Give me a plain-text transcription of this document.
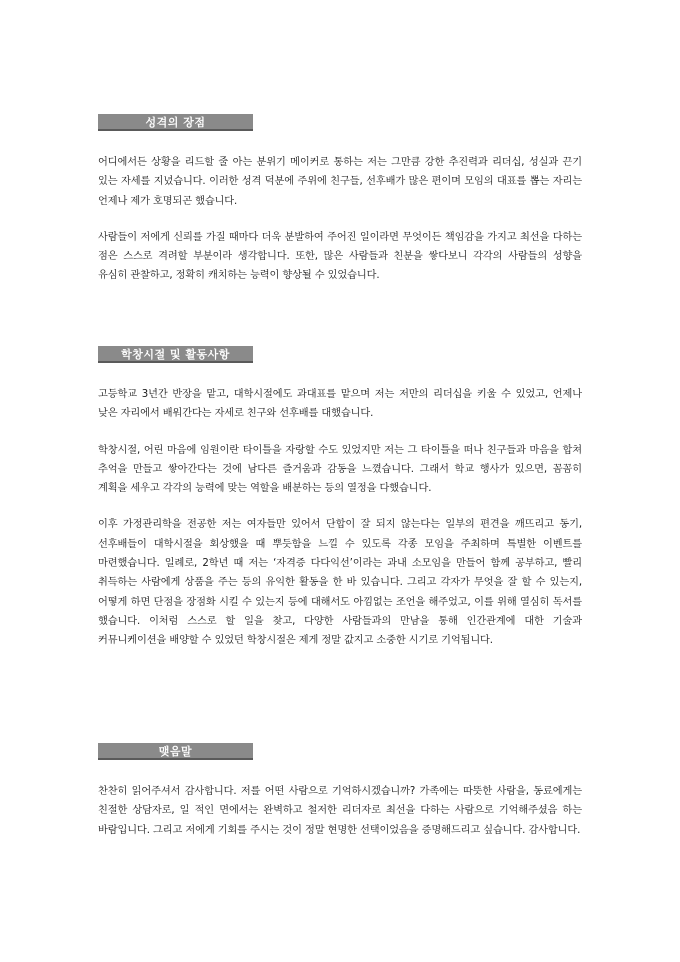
성격의 장점

어디에서든 상황을 리드할 줄 아는 분위기 메이커로 통하는 저는 그만큼 강한 추진력과 리더십, 성실과 끈기 있는 자세를 지녔습니다. 이러한 성격 덕분에 주위에 친구들, 선후배가 많은 편이며 모임의 대표를 뽑는 자리는 언제나 제가 호명되곤 했습니다.

사람들이 저에게 신뢰를 가질 때마다 더욱 분발하여 주어진 일이라면 무엇이든 책임감을 가지고 최선을 다하는 점은 스스로 격려할 부분이라 생각합니다. 또한, 많은 사람들과 친분을 쌓다보니 각각의 사람들의 성향을 유심히 관찰하고, 정확히 캐치하는 능력이 향상될 수 있었습니다.

학창시절 및 활동사항

고등학교 3년간 반장을 맡고, 대학시절에도 과대표를 맡으며 저는 저만의 리더십을 키울 수 있었고, 언제나 낮은 자리에서 배워간다는 자세로 친구와 선후배를 대했습니다.

학창시절, 어린 마음에 임원이란 타이틀을 자랑할 수도 있었지만 저는 그 타이틀을 떠나 친구들과 마음을 합쳐 추억을 만들고 쌓아간다는 것에 남다른 즐거움과 감동을 느꼈습니다. 그래서 학교 행사가 있으면, 꼼꼼히 계획을 세우고 각각의 능력에 맞는 역할을 배분하는 등의 열정을 다했습니다.

이후 가정관리학을 전공한 저는 여자들만 있어서 단합이 잘 되지 않는다는 일부의 편견을 깨뜨리고 동기, 선후배들이 대학시절을 회상했을 때 뿌듯함을 느낄 수 있도록 각종 모임을 주최하며 특별한 이벤트를 마련했습니다. 일례로, 2학년 때 저는 ‘자격증 다다익선’이라는 과내 소모임을 만들어 함께 공부하고, 빨리 취득하는 사람에게 상품을 주는 등의 유익한 활동을 한 바 있습니다. 그리고 각자가 무엇을 잘 할 수 있는지, 어떻게 하면 단점을 장점화 시킬 수 있는지 등에 대해서도 아낌없는 조언을 해주었고, 이를 위해 열심히 독서를 했습니다. 이처럼 스스로 할 일을 찾고, 다양한 사람들과의 만남을 통해 인간관계에 대한 기술과 커뮤니케이션을 배양할 수 있었던 학창시절은 제게 정말 값지고 소중한 시기로 기억됩니다.

맺음말

찬찬히 읽어주셔서 감사합니다. 저를 어떤 사람으로 기억하시겠습니까? 가족에는 따뜻한 사람을, 동료에게는 친절한 상담자로, 일 적인 면에서는 완벽하고 철저한 리더자로 최선을 다하는 사람으로 기억해주셨음 하는 바람입니다. 그리고 저에게 기회를 주시는 것이 정말 현명한 선택이었음을 증명해드리고 싶습니다. 감사합니다.
